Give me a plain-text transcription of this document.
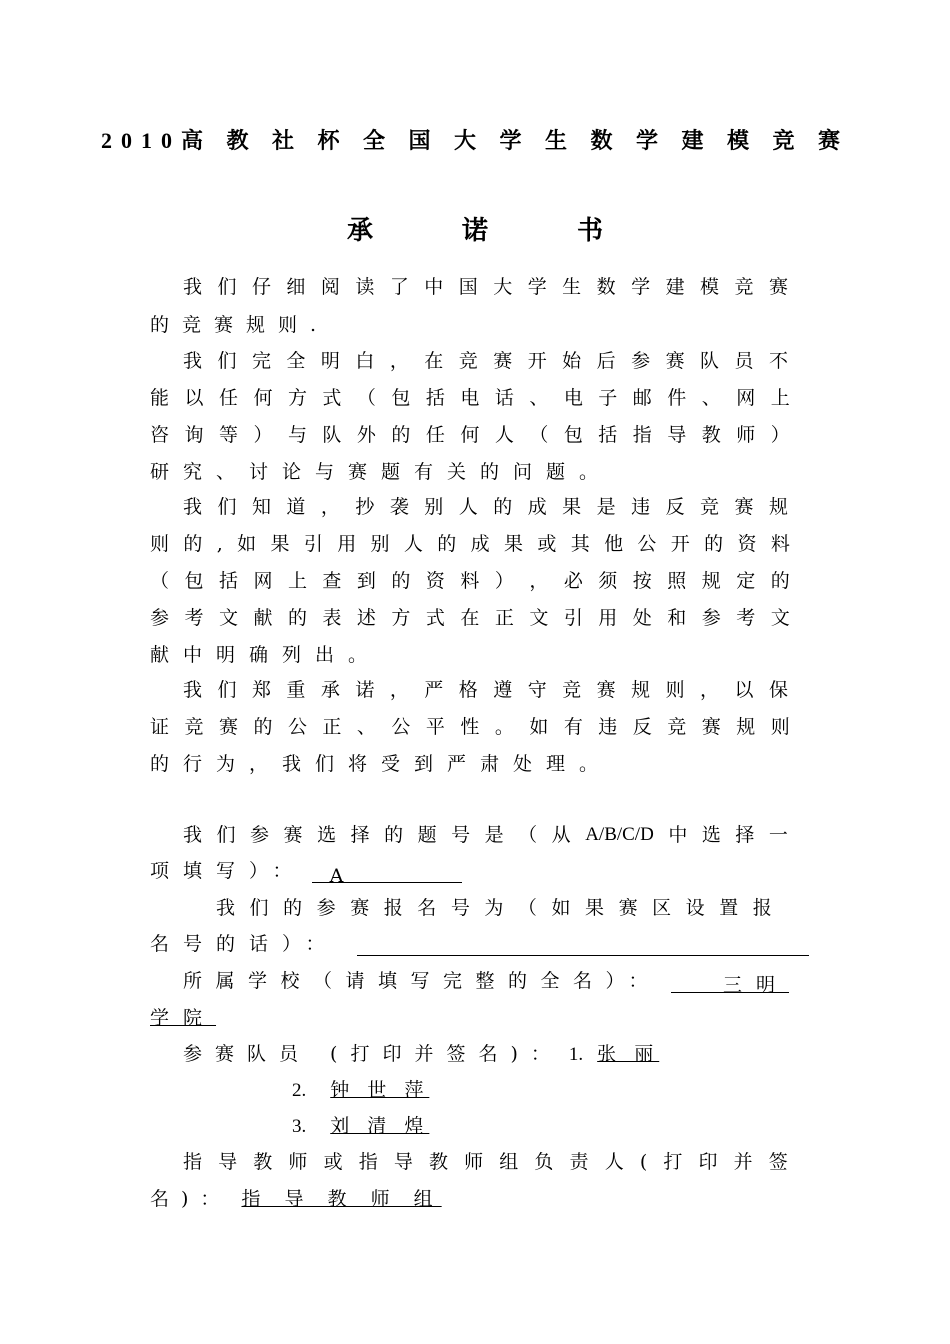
2010高 教 社 杯 全 国 大 学 生 数 学 建 模 竞 赛
承 诺 书
我 们 仔 细 阅 读 了 中 国 大 学 生 数 学 建 模 竞 赛
的竞赛规则.
我 们 完 全 明 白 ， 在 竞 赛 开 始 后 参 赛 队 员 不
能 以 任 何 方 式 （ 包 括 电 话 、 电 子 邮 件 、 网 上
咨 询 等 ） 与 队 外 的 任 何 人 （ 包 括 指 导 教 师 ）
研究、讨论与赛题有关的问题。
我 们 知 道 ， 抄 袭 别 人 的 成 果 是 违 反 竞 赛 规
则 的 , 如 果 引 用 别 人 的 成 果 或 其 他 公 开 的 资 料
（ 包 括 网 上 查 到 的 资 料 ） ， 必 须 按 照 规 定 的
参 考 文 献 的 表 述 方 式 在 正 文 引 用 处 和 参 考 文
献中明确列出。
我 们 郑 重 承 诺 ， 严 格 遵 守 竞 赛 规 则 ， 以 保
证 竞 赛 的 公 正 、 公 平 性 。 如 有 违 反 竞 赛 规 则
的行为，我们将受到严肃处理。
我 们 参 赛 选 择 的 题 号 是 （ 从 A/B/C/D 中 选 择 一
项填写）： A
我 们 的 参 赛 报 名 号 为 （ 如 果 赛 区 设 置 报
名号的话）：
所属学校（请填写完整的全名）：	三明
学院
参赛队员 (打印并签名)： 1. 张 丽
2. 钟 世 萍
3. 刘 清 煌
指 导 教 师 或 指 导 教 师 组 负 责 人 ( 打 印 并 签
名)： 指 导 教 师 组
